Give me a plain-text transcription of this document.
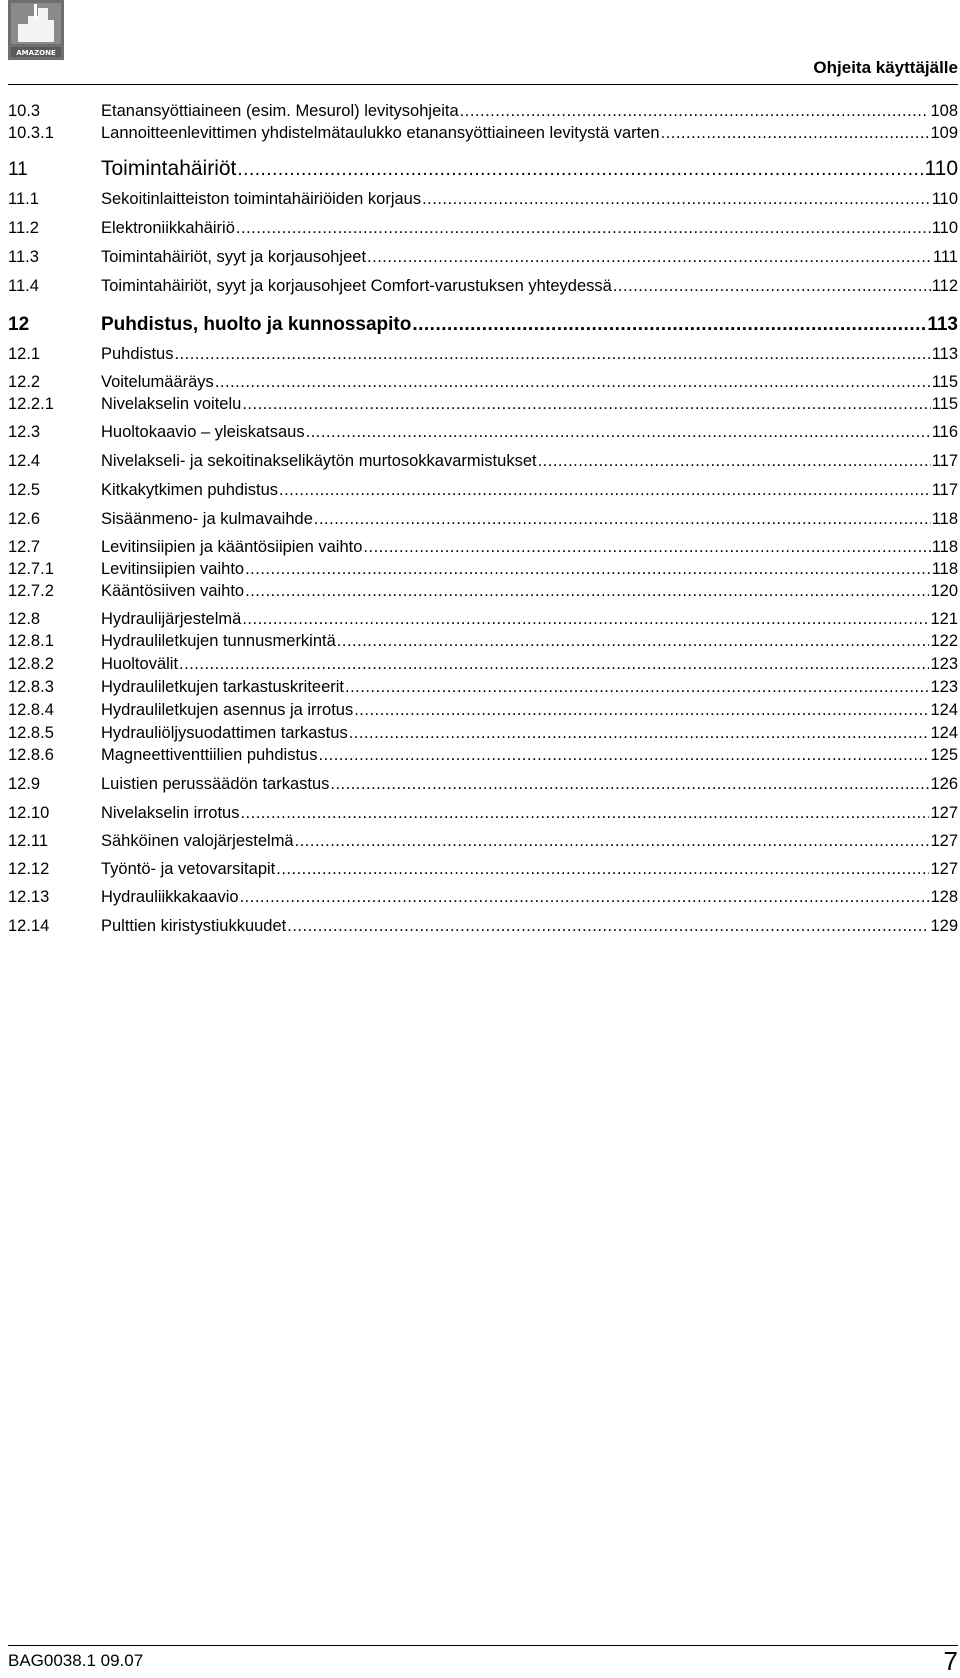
AMAZONE
Ohjeita käyttäjälle
10.3	Etanansyöttiaineen (esim. Mesurol) levitysohjeita .....	108
10.3.1	Lannoitteenlevittimen yhdistelmätaulukko etanansyöttiaineen levitystä varten .....	109
11	Toimintahäiriöt .....	110
11.1	Sekoitinlaitteiston toimintahäiriöiden korjaus .....	110
11.2	Elektroniikkahäiriö .....	110
11.3	Toimintahäiriöt, syyt ja korjausohjeet .....	111
11.4	Toimintahäiriöt, syyt ja korjausohjeet Comfort-varustuksen yhteydessä .....	112
12	Puhdistus, huolto ja kunnossapito .....	113
12.1	Puhdistus .....	113
12.2	Voitelumääräys .....	115
12.2.1	Nivelakselin voitelu .....	115
12.3	Huoltokaavio – yleiskatsaus .....	116
12.4	Nivelakseli- ja sekoitinakselikäytön murtosokkavarmistukset .....	117
12.5	Kitkakytkimen puhdistus .....	117
12.6	Sisäänmeno- ja kulmavaihde .....	118
12.7	Levitinsiipien ja kääntösiipien vaihto .....	118
12.7.1	Levitinsiipien vaihto .....	118
12.7.2	Kääntösiiven vaihto .....	120
12.8	Hydraulijärjestelmä .....	121
12.8.1	Hydrauliletkujen tunnusmerkintä .....	122
12.8.2	Huoltovälit .....	123
12.8.3	Hydrauliletkujen tarkastuskriteerit .....	123
12.8.4	Hydrauliletkujen asennus ja irrotus .....	124
12.8.5	Hydrauliöljysuodattimen tarkastus .....	124
12.8.6	Magneettiventtiilien puhdistus .....	125
12.9	Luistien perussäädön tarkastus .....	126
12.10	Nivelakselin irrotus .....	127
12.11	Sähköinen valojärjestelmä .....	127
12.12	Työntö- ja vetovarsitapit .....	127
12.13	Hydrauliikkakaavio .....	128
12.14	Pulttien kiristystiukkuudet .....	129
BAG0038.1 09.07	7
